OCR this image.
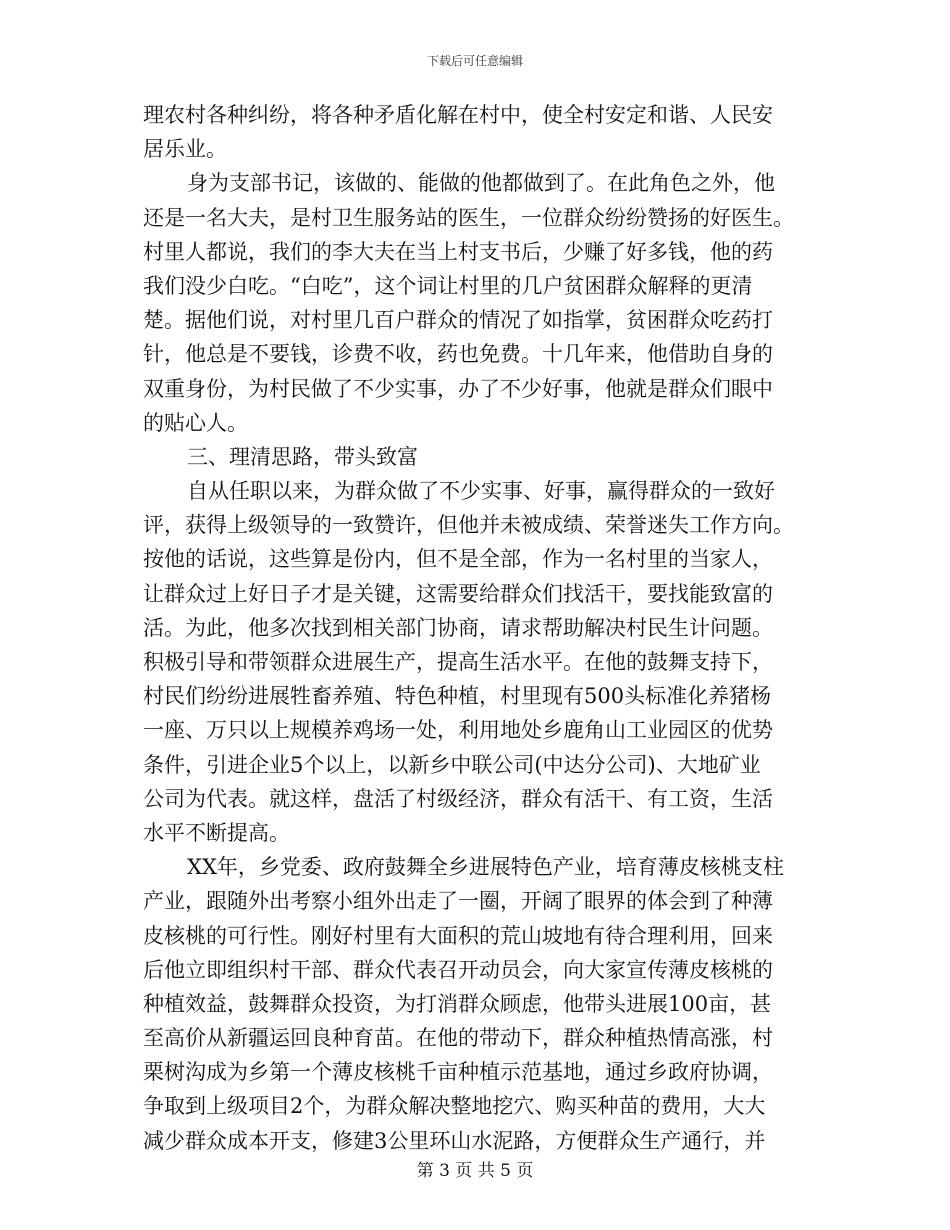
下载后可任意编辑
理农村各种纠纷，将各种矛盾化解在村中，使全村安定和谐、人民安
居乐业。
身为支部书记，该做的、能做的他都做到了。在此角色之外，他
还是一名大夫，是村卫生服务站的医生，一位群众纷纷赞扬的好医生。
村里人都说，我们的李大夫在当上村支书后，少赚了好多钱，他的药
我们没少白吃。“白吃”，这个词让村里的几户贫困群众解释的更清
楚。据他们说，对村里几百户群众的情况了如指掌，贫困群众吃药打
针，他总是不要钱，诊费不收，药也免费。十几年来，他借助自身的
双重身份，为村民做了不少实事，办了不少好事，他就是群众们眼中
的贴心人。
三、理清思路，带头致富
自从任职以来，为群众做了不少实事、好事，赢得群众的一致好
评，获得上级领导的一致赞许，但他并未被成绩、荣誉迷失工作方向。
按他的话说，这些算是份内，但不是全部，作为一名村里的当家人，
让群众过上好日子才是关键，这需要给群众们找活干，要找能致富的
活。为此，他多次找到相关部门协商，请求帮助解决村民生计问题。
积极引导和带领群众进展生产，提高生活水平。在他的鼓舞支持下，
村民们纷纷进展牲畜养殖、特色种植，村里现有500头标准化养猪杨
一座、万只以上规模养鸡场一处，利用地处乡鹿角山工业园区的优势
条件，引进企业5个以上，以新乡中联公司(中达分公司)、大地矿业
公司为代表。就这样，盘活了村级经济，群众有活干、有工资，生活
水平不断提高。
XX年，乡党委、政府鼓舞全乡进展特色产业，培育薄皮核桃支柱
产业，跟随外出考察小组外出走了一圈，开阔了眼界的体会到了种薄
皮核桃的可行性。刚好村里有大面积的荒山坡地有待合理利用，回来
后他立即组织村干部、群众代表召开动员会，向大家宣传薄皮核桃的
种植效益，鼓舞群众投资，为打消群众顾虑，他带头进展100亩，甚
至高价从新疆运回良种育苗。在他的带动下，群众种植热情高涨，村
栗树沟成为乡第一个薄皮核桃千亩种植示范基地，通过乡政府协调，
争取到上级项目2个，为群众解决整地挖穴、购买种苗的费用，大大
减少群众成本开支，修建3公里环山水泥路，方便群众生产通行，并
第 3 页 共 5 页
